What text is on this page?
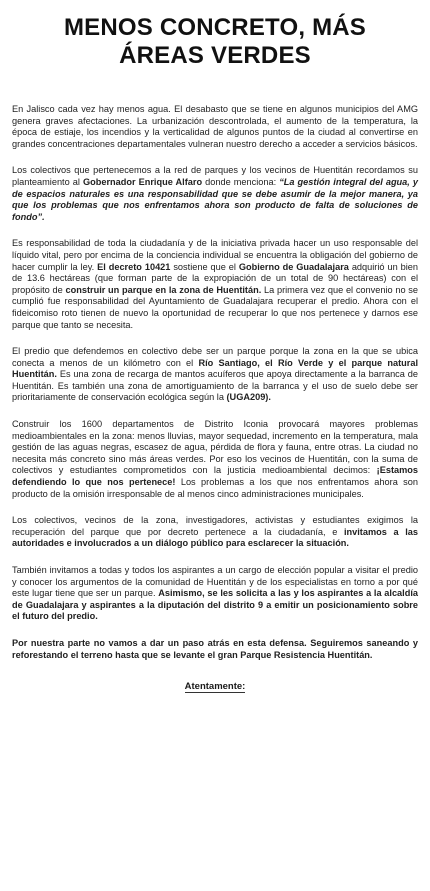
MENOS CONCRETO, MÁS
ÁREAS VERDES

En Jalisco cada vez hay menos agua. El desabasto que se tiene en algunos municipios del AMG genera graves afectaciones. La urbanización descontrolada, el aumento de la temperatura, la época de estiaje, los incendios y la verticalidad de algunos puntos de la ciudad al convertirse en grandes concentraciones departamentales vulneran nuestro derecho a acceder a servicios básicos.

Los colectivos que pertenecemos a la red de parques y los vecinos de Huentitán recordamos su planteamiento al Gobernador Enrique Alfaro donde menciona: “La gestión integral del agua, y de espacios naturales es una responsabilidad que se debe asumir de la mejor manera, ya que los problemas que nos enfrentamos ahora son producto de falta de soluciones de fondo”.

Es responsabilidad de toda la ciudadanía y de la iniciativa privada hacer un uso responsable del líquido vital, pero por encima de la conciencia individual se encuentra la obligación del gobierno de hacer cumplir la ley. El decreto 10421 sostiene que el Gobierno de Guadalajara adquirió un bien de 13.6 hectáreas (que forman parte de la expropiación de un total de 90 hectáreas) con el propósito de construir un parque en la zona de Huentitán. La primera vez que el convenio no se cumplió fue responsabilidad del Ayuntamiento de Guadalajara recuperar el predio. Ahora con el fideicomiso roto tienen de nuevo la oportunidad de recuperar lo que nos pertenece y darnos ese parque que tanto se necesita.

El predio que defendemos en colectivo debe ser un parque porque la zona en la que se ubica conecta a menos de un kilómetro con el Río Santiago, el Río Verde y el parque natural Huentitán. Es una zona de recarga de mantos acuíferos que apoya directamente a la barranca de Huentitán. Es también una zona de amortiguamiento de la barranca y el uso de suelo debe ser prioritariamente de conservación ecológica según la (UGA209).

Construir los 1600 departamentos de Distrito Iconia provocará mayores problemas medioambientales en la zona: menos lluvias, mayor sequedad, incremento en la temperatura, mala gestión de las aguas negras, escasez de agua, pérdida de flora y fauna, entre otras. La ciudad no necesita más concreto sino más áreas verdes. Por eso los vecinos de Huentitán, con la suma de colectivos y estudiantes comprometidos con la justicia medioambiental decimos: ¡Estamos defendiendo lo que nos pertenece! Los problemas a los que nos enfrentamos ahora son producto de la omisión irresponsable de al menos cinco administraciones municipales.

Los colectivos, vecinos de la zona, investigadores, activistas y estudiantes exigimos la recuperación del parque que por decreto pertenece a la ciudadanía, e invitamos a las autoridades e involucrados a un diálogo público para esclarecer la situación.

También invitamos a todas y todos los aspirantes a un cargo de elección popular a visitar el predio y conocer los argumentos de la comunidad de Huentitán y de los especialistas en torno a por qué este lugar tiene que ser un parque. Asimismo, se les solicita a las y los aspirantes a la alcaldía de Guadalajara y aspirantes a la diputación del distrito 9 a emitir un posicionamiento sobre el futuro del predio.

Por nuestra parte no vamos a dar un paso atrás en esta defensa. Seguiremos saneando y reforestando el terreno hasta que se levante el gran Parque Resistencia Huentitán.

Atentamente:
